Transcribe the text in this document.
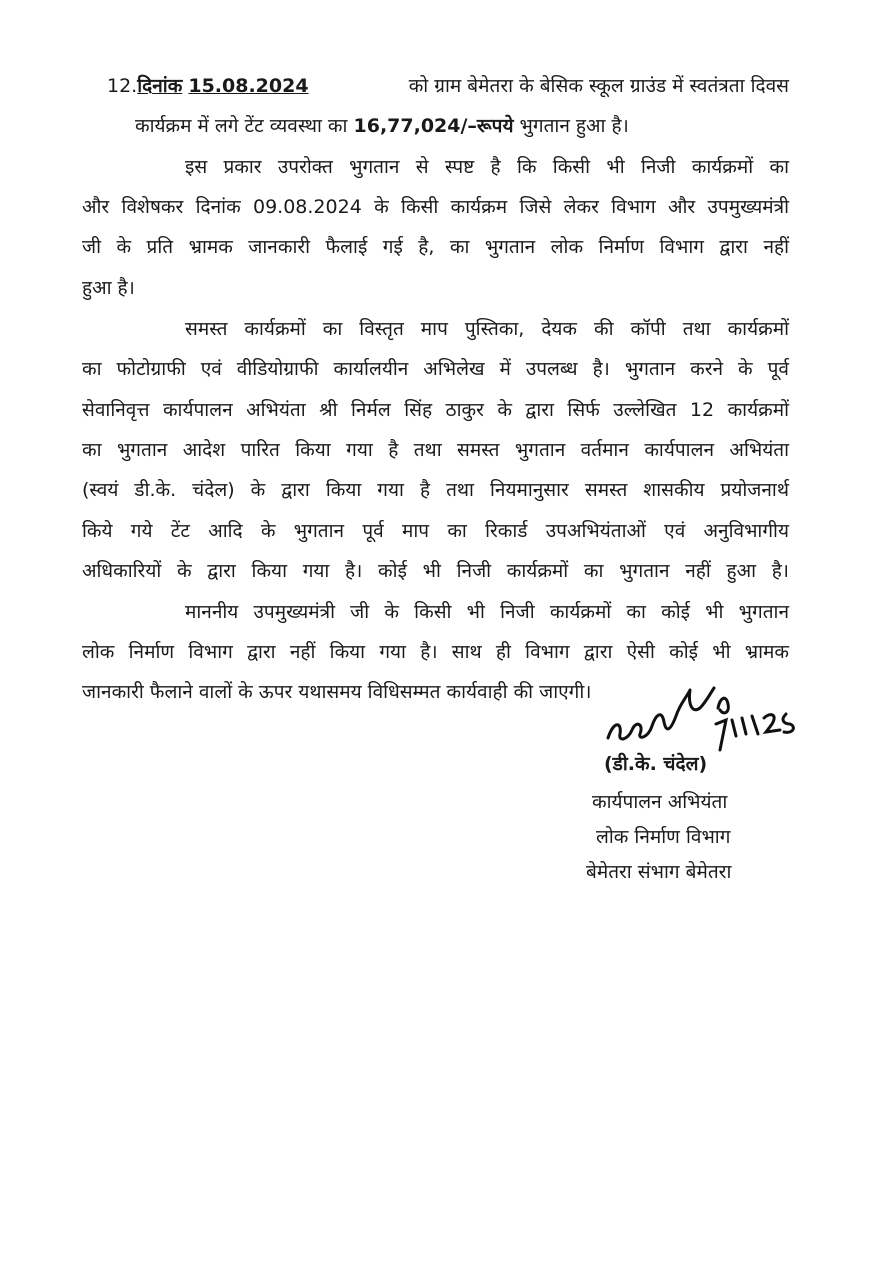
12.दिनांक 15.08.2024	को ग्राम बेमेतरा के बेसिक स्कूल ग्राउंड में स्वतंत्रता दिवस
कार्यक्रम में लगे टेंट व्यवस्था का 16,77,024/–रूपये भुगतान हुआ है।
इस प्रकार उपरोक्त भुगतान से स्पष्ट है कि किसी भी निजी कार्यक्रमों का
और विशेषकर दिनांक 09.08.2024 के किसी कार्यक्रम जिसे लेकर विभाग और उपमुख्यमंत्री
जी के प्रति भ्रामक जानकारी फैलाई गई है, का भुगतान लोक निर्माण विभाग द्वारा नहीं
हुआ है।
समस्त कार्यक्रमों का विस्तृत माप पुस्तिका, देयक की कॉपी तथा कार्यक्रमों
का फोटोग्राफी एवं वीडियोग्राफी कार्यालयीन अभिलेख में उपलब्ध है। भुगतान करने के पूर्व
सेवानिवृत्त कार्यपालन अभियंता श्री निर्मल सिंह ठाकुर के द्वारा सिर्फ उल्लेखित 12 कार्यक्रमों
का भुगतान आदेश पारित किया गया है तथा समस्त भुगतान वर्तमान कार्यपालन अभियंता
(स्वयं डी.के. चंदेल) के द्वारा किया गया है तथा नियमानुसार समस्त शासकीय प्रयोजनार्थ
किये गये टेंट आदि के भुगतान पूर्व माप का रिकार्ड उपअभियंताओं एवं अनुविभागीय
अधिकारियों के द्वारा किया गया है। कोई भी निजी कार्यक्रमों का भुगतान नहीं हुआ है।
माननीय उपमुख्यमंत्री जी के किसी भी निजी कार्यक्रमों का कोई भी भुगतान
लोक निर्माण विभाग द्वारा नहीं किया गया है। साथ ही विभाग द्वारा ऐसी कोई भी भ्रामक
जानकारी फैलाने वालों के ऊपर यथासमय विधिसम्मत कार्यवाही की जाएगी।
(डी.के. चंदेल)
कार्यपालन अभियंता
लोक निर्माण विभाग
बेमेतरा संभाग बेमेतरा
